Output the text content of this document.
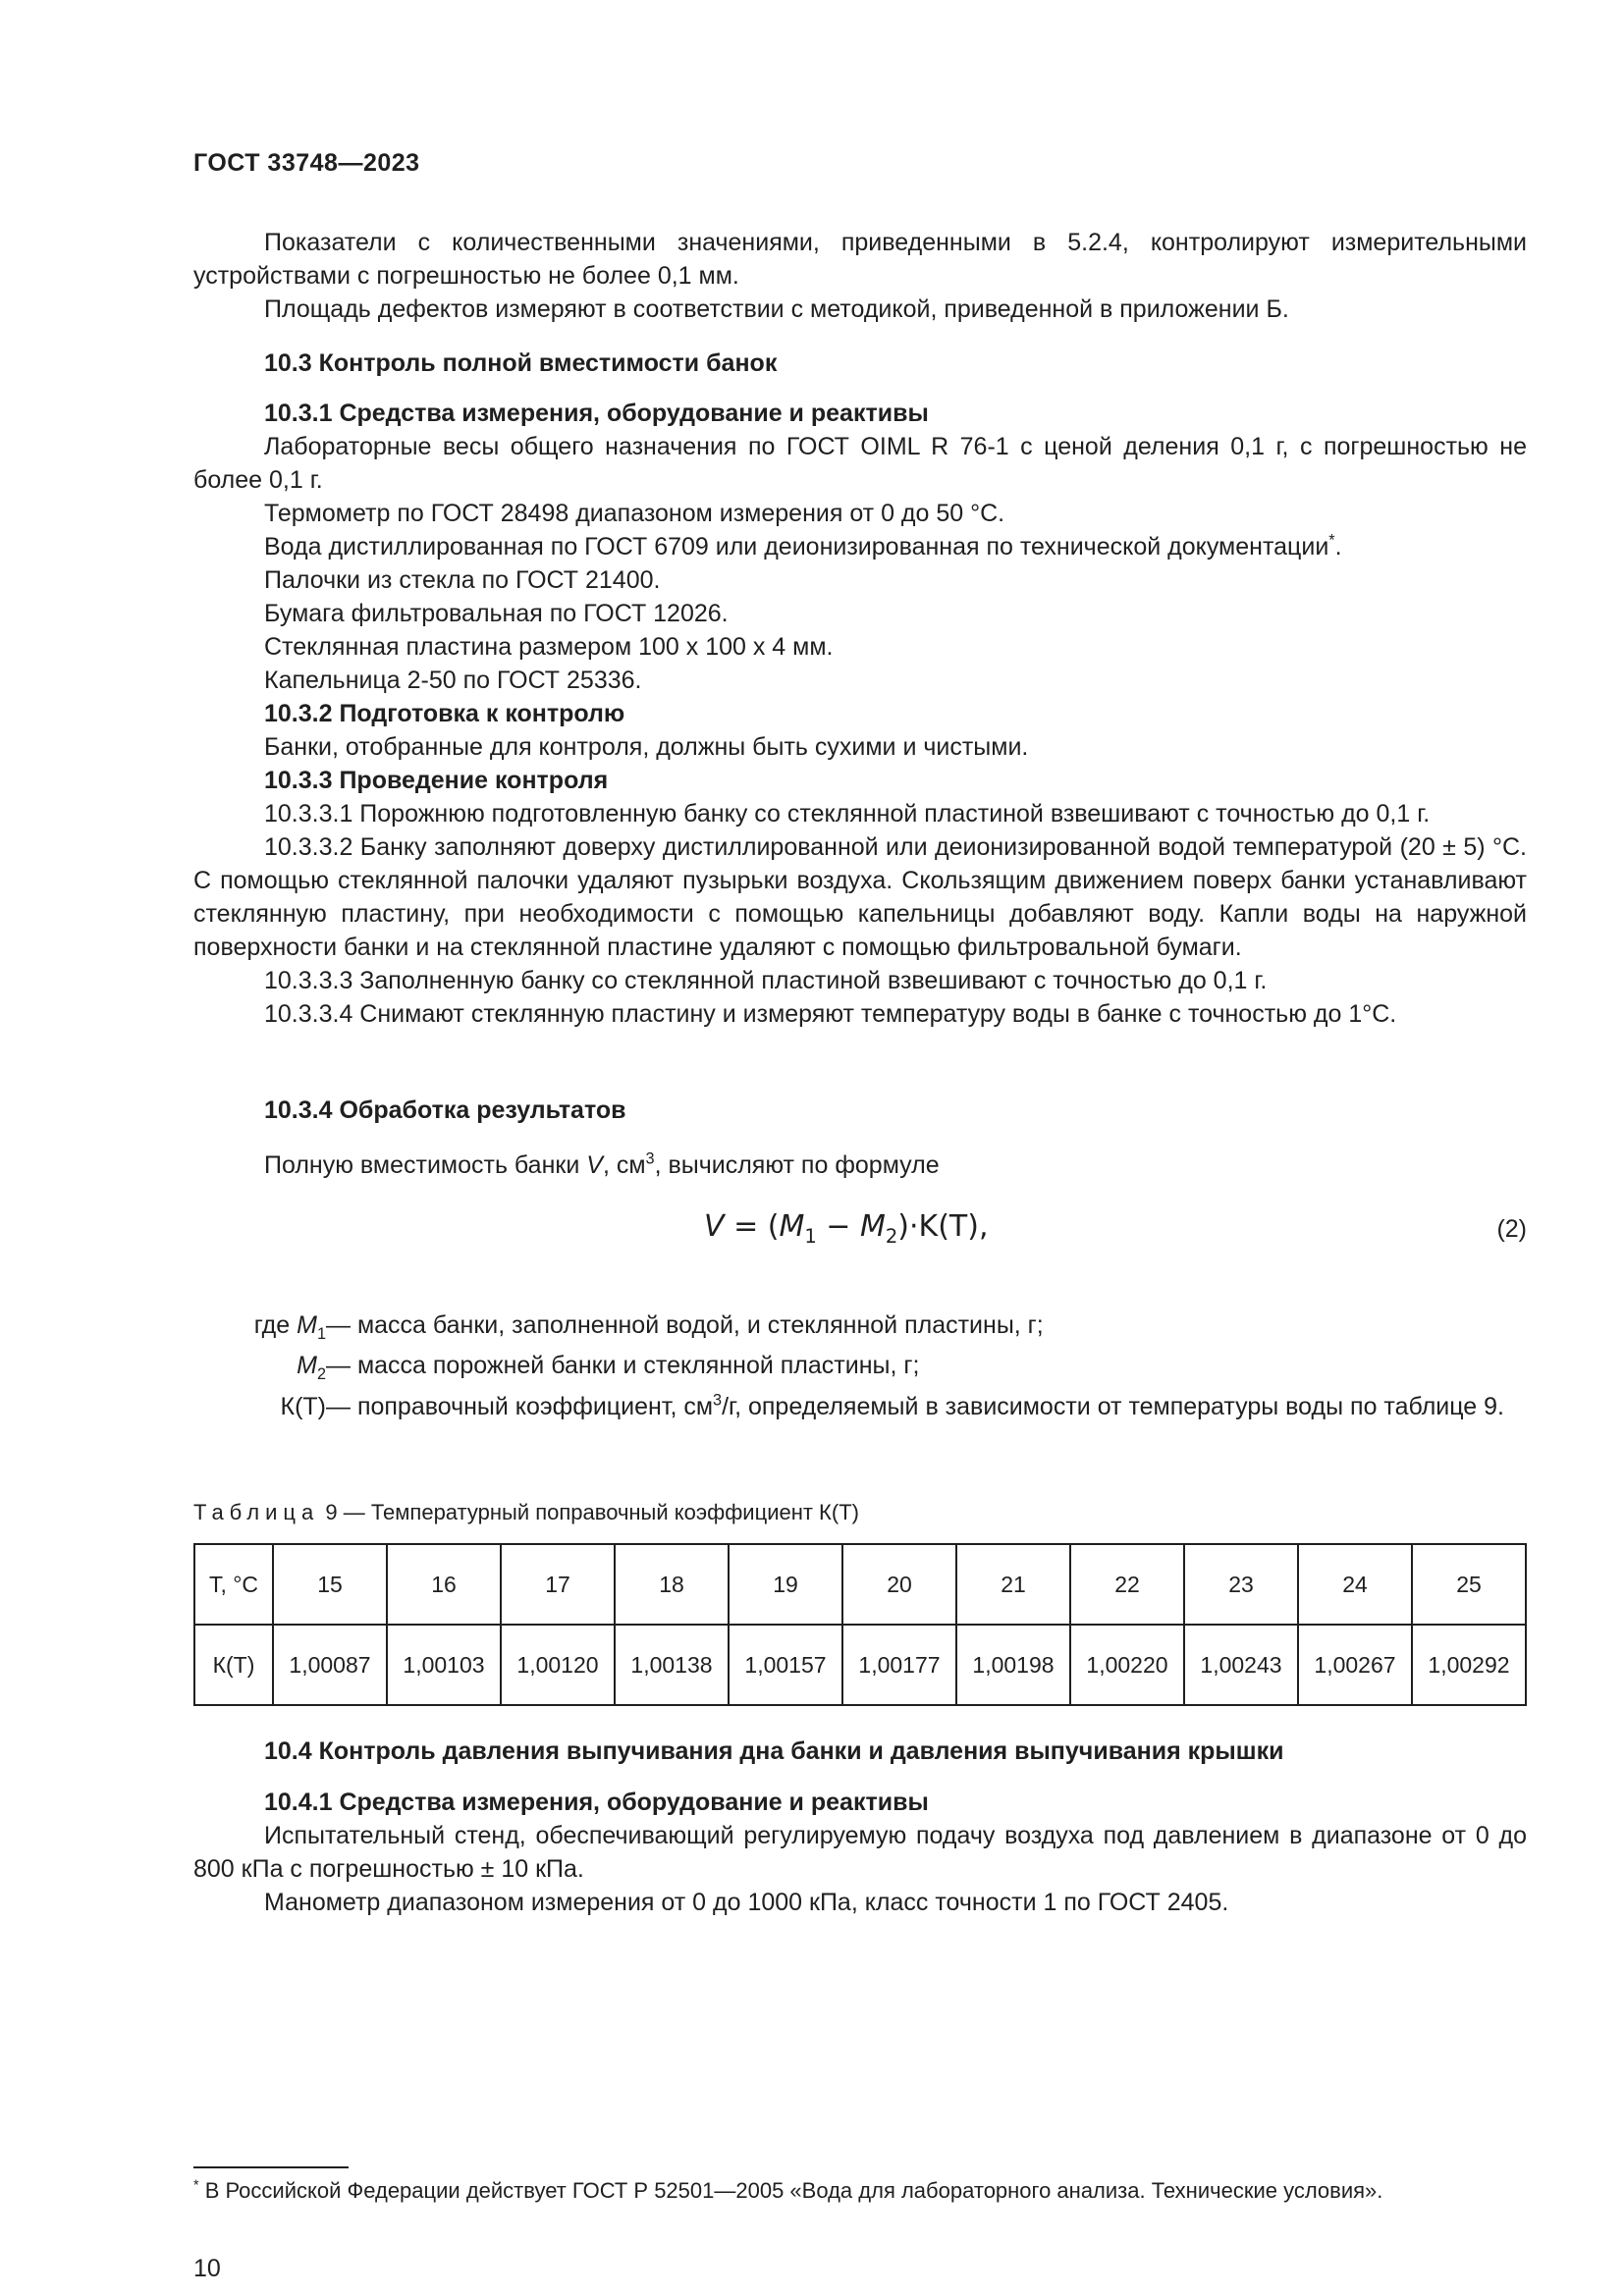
ГОСТ 33748—2023

Показатели с количественными значениями, приведенными в 5.2.4, контролируют измерительными устройствами с погрешностью не более 0,1 мм.

Площадь дефектов измеряют в соответствии с методикой, приведенной в приложении Б.

10.3 Контроль полной вместимости банок

10.3.1 Средства измерения, оборудование и реактивы

Лабораторные весы общего назначения по ГОСТ OIML R 76-1 с ценой деления 0,1 г, с погрешностью не более 0,1 г.

Термометр по ГОСТ 28498 диапазоном измерения от 0 до 50 °С.

Вода дистиллированная по ГОСТ 6709 или деионизированная по технической документации*.

Палочки из стекла по ГОСТ 21400.

Бумага фильтровальная по ГОСТ 12026.

Стеклянная пластина размером 100 х 100 х 4 мм.

Капельница 2-50 по ГОСТ 25336.

10.3.2 Подготовка к контролю

Банки, отобранные для контроля, должны быть сухими и чистыми.

10.3.3 Проведение контроля

10.3.3.1 Порожнюю подготовленную банку со стеклянной пластиной взвешивают с точностью до 0,1 г.

10.3.3.2 Банку заполняют доверху дистиллированной или деионизированной водой температурой (20 ± 5) °С. С помощью стеклянной палочки удаляют пузырьки воздуха. Скользящим движением поверх банки устанавливают стеклянную пластину, при необходимости с помощью капельницы добавляют воду. Капли воды на наружной поверхности банки и на стеклянной пластине удаляют с помощью фильтровальной бумаги.

10.3.3.3 Заполненную банку со стеклянной пластиной взвешивают с точностью до 0,1 г.

10.3.3.4 Снимают стеклянную пластину и измеряют температуру воды в банке с точностью до 1°С.

10.3.4 Обработка результатов

Полную вместимость банки V, $см^3$, вычисляют по формуле

$V = (M_1 - M_2)\cdot K(T)$,	(2)
где $M_1$ — масса банки, заполненной водой, и стеклянной пластины, г;
$M_2$ — масса порожней банки и стеклянной пластины, г;
К(Т) — поправочный коэффициент, $см^3/г$, определяемый в зависимости от температуры воды по таблице 9.
Таблица 9 — Температурный поправочный коэффициент К(Т)
Т, °С	15	16	17	18	19	20	21	22	23	24	25
К(Т)	1,00087	1,00103	1,00120	1,00138	1,00157	1,00177	1,00198	1,00220	1,00243	1,00267	1,00292

10.4 Контроль давления выпучивания дна банки и давления выпучивания крышки

10.4.1 Средства измерения, оборудование и реактивы

Испытательный стенд, обеспечивающий регулируемую подачу воздуха под давлением в диапазоне от 0 до 800 кПа с погрешностью ± 10 кПа.

Манометр диапазоном измерения от 0 до 1000 кПа, класс точности 1 по ГОСТ 2405.

* В Российской Федерации действует ГОСТ Р 52501—2005 «Вода для лабораторного анализа. Технические условия».
10
